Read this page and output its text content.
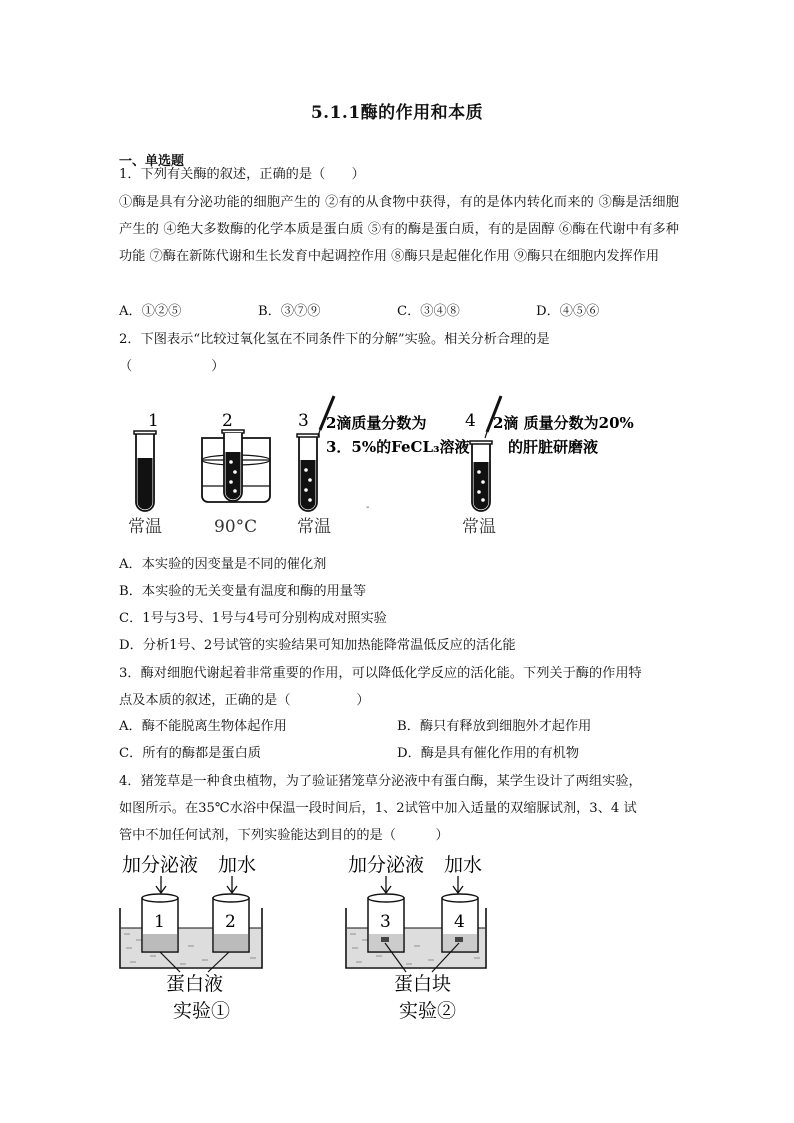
5.1.1酶的作用和本质
一、单选题
1．下列有关酶的叙述，正确的是（　　）
①酶是具有分泌功能的细胞产生的 ②有的从食物中获得，有的是体内转化而来的 ③酶是活细胞产生的 ④绝大多数酶的化学本质是蛋白质 ⑤有的酶是蛋白质，有的是固醇 ⑥酶在代谢中有多种功能 ⑦酶在新陈代谢和生长发育中起调控作用 ⑧酶只是起催化作用 ⑨酶只在细胞内发挥作用
A．①②⑤	B．③⑦⑨	C．③④⑧	D．④⑤⑥
2．下图表示“比较过氧化氢在不同条件下的分解”实验。相关分析合理的是
（　　　　　　）
1
常温
2
90°C
3 2滴质量分数为
3．5%的FeCL₃溶液
常温
-
4 2滴 质量分数为20%
的肝脏研磨液
常温
A．本实验的因变量是不同的催化剂
B．本实验的无关变量有温度和酶的用量等
C．1号与3号、1号与4号可分别构成对照实验
D．分析1号、2号试管的实验结果可知加热能降常温低反应的活化能
3．酶对细胞代谢起着非常重要的作用，可以降低化学反应的活化能。下列关于酶的作用特
点及本质的叙述，正确的是（　　　　　）
A．酶不能脱离生物体起作用	B．酶只有释放到细胞外才起作用
C．所有的酶都是蛋白质	D．酶是具有催化作用的有机物
4．猪笼草是一种食虫植物，为了验证猪笼草分泌液中有蛋白酶，某学生设计了两组实验，
如图所示。在35℃水浴中保温一段时间后，1、2试管中加入适量的双缩脲试剂，3、4 试
管中不加任何试剂，下列实验能达到目的的是（　　　）
加分泌液 加水
1	2
蛋白液
实验①
加分泌液 加水
3	4
蛋白块
实验②
